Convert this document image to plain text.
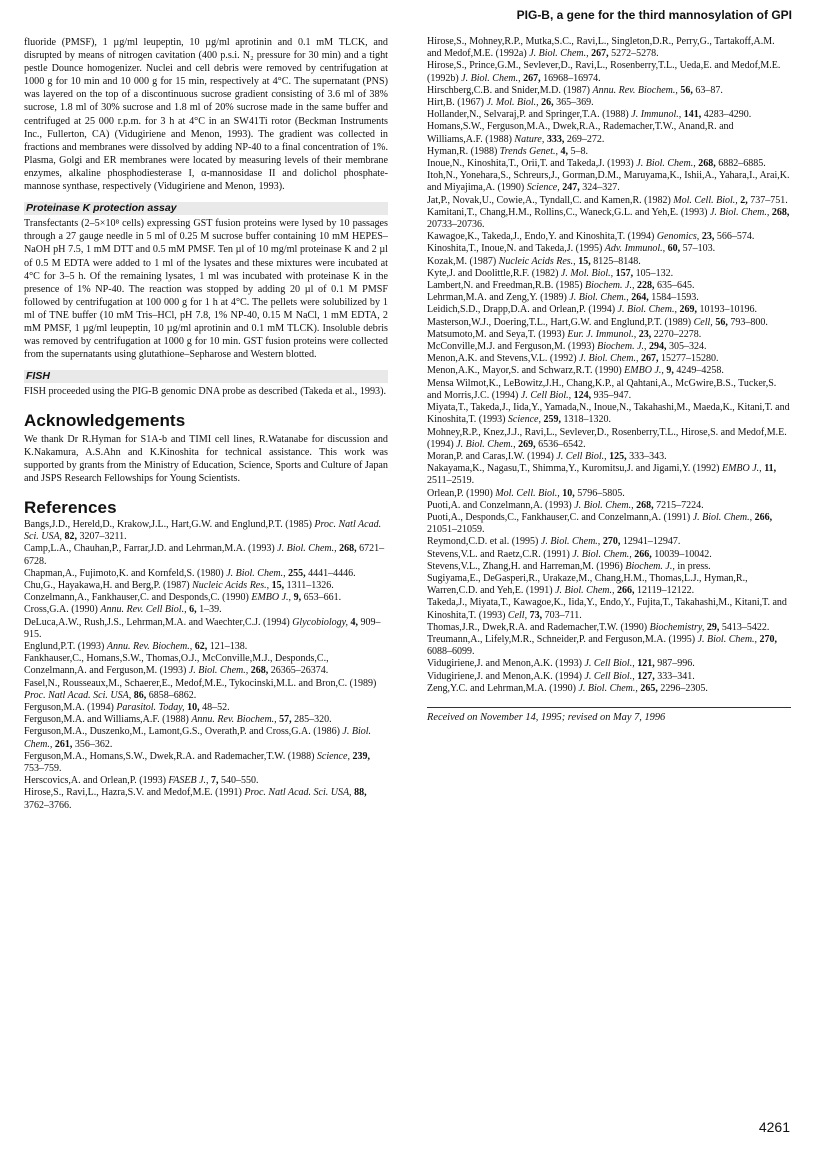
PIG-B, a gene for the third mannosylation of GPI

fluoride (PMSF), 1 µg/ml leupeptin, 10 µg/ml aprotinin and 0.1 mM TLCK, and disrupted by means of nitrogen cavitation (400 p.s.i. N₂ pressure for 30 min) and a tight pestle Dounce homogenizer. Nuclei and cell debris were removed by centrifugation at 1000 g for 10 min and 10 000 g for 15 min, respectively at 4°C. The supernatant (PNS) was layered on the top of a discontinuous sucrose gradient consisting of 3.6 ml of 38% sucrose, 1.8 ml of 30% sucrose and 1.8 ml of 20% sucrose made in the same buffer and centrifuged at 25 000 r.p.m. for 3 h at 4°C in an SW41Ti rotor (Beckman Instruments Inc., Fullerton, CA) (Vidugiriene and Menon, 1993). The gradient was collected in fractions and membranes were dissolved by adding NP-40 to a final concentration of 1%. Plasma, Golgi and ER membranes were located by measuring levels of their membrane enzymes, alkaline phosphodiesterase I, α-mannosidase II and dolichol phosphate-mannose synthase, respectively (Vidugiriene and Menon, 1993).

Proteinase K protection assay

Transfectants (2–5×10⁸ cells) expressing GST fusion proteins were lysed by 10 passages through a 27 gauge needle in 5 ml of 0.25 M sucrose buffer containing 10 mM HEPES–NaOH pH 7.5, 1 mM DTT and 0.5 mM PMSF. Ten µl of 10 mg/ml proteinase K and 2 µl of 0.5 M EDTA were added to 1 ml of the lysates and these mixtures were incubated at 4°C for 3–5 h. Of the remaining lysates, 1 ml was incubated with proteinase K in the presence of 1% NP-40. The reaction was stopped by adding 20 µl of 0.1 M PMSF followed by centrifugation at 100 000 g for 1 h at 4°C. The pellets were solubilized by 1 ml of TNE buffer (10 mM Tris–HCl, pH 7.8, 1% NP-40, 0.15 M NaCl, 1 mM EDTA, 2 mM PMSF, 1 µg/ml leupeptin, 10 µg/ml aprotinin and 0.1 mM TLCK). Insoluble debris was removed by centrifugation at 1000 g for 10 min. GST fusion proteins were collected from the supernatants using glutathione–Sepharose and Western blotted.

FISH

FISH proceeded using the PIG-B genomic DNA probe as described (Takeda et al., 1993).

Acknowledgements

We thank Dr R.Hyman for S1A-b and TIMI cell lines, R.Watanabe for discussion and K.Nakamura, A.S.Ahn and K.Kinoshita for technical assistance. This work was supported by grants from the Ministry of Education, Science, Sports and Culture of Japan and JSPS Research Fellowships for Young Scientists.

References

Bangs,J.D., Hereld,D., Krakow,J.L., Hart,G.W. and Englund,P.T. (1985) Proc. Natl Acad. Sci. USA, 82, 3207–3211.

Camp,L.A., Chauhan,P., Farrar,J.D. and Lehrman,M.A. (1993) J. Biol. Chem., 268, 6721–6728.

Chapman,A., Fujimoto,K. and Kornfeld,S. (1980) J. Biol. Chem., 255, 4441–4446.

Chu,G., Hayakawa,H. and Berg,P. (1987) Nucleic Acids Res., 15, 1311–1326.

Conzelmann,A., Fankhauser,C. and Desponds,C. (1990) EMBO J., 9, 653–661.

Cross,G.A. (1990) Annu. Rev. Cell Biol., 6, 1–39.

DeLuca,A.W., Rush,J.S., Lehrman,M.A. and Waechter,C.J. (1994) Glycobiology, 4, 909–915.

Englund,P.T. (1993) Annu. Rev. Biochem., 62, 121–138.

Fankhauser,C., Homans,S.W., Thomas,O.J., McConville,M.J., Desponds,C., Conzelmann,A. and Ferguson,M. (1993) J. Biol. Chem., 268, 26365–26374.

Fasel,N., Rousseaux,M., Schaerer,E., Medof,M.E., Tykocinski,M.L. and Bron,C. (1989) Proc. Natl Acad. Sci. USA, 86, 6858–6862.

Ferguson,M.A. (1994) Parasitol. Today, 10, 48–52.

Ferguson,M.A. and Williams,A.F. (1988) Annu. Rev. Biochem., 57, 285–320.

Ferguson,M.A., Duszenko,M., Lamont,G.S., Overath,P. and Cross,G.A. (1986) J. Biol. Chem., 261, 356–362.

Ferguson,M.A., Homans,S.W., Dwek,R.A. and Rademacher,T.W. (1988) Science, 239, 753–759.

Herscovics,A. and Orlean,P. (1993) FASEB J., 7, 540–550.

Hirose,S., Ravi,L., Hazra,S.V. and Medof,M.E. (1991) Proc. Natl Acad. Sci. USA, 88, 3762–3766.

Hirose,S., Mohney,R.P., Mutka,S.C., Ravi,L., Singleton,D.R., Perry,G., Tartakoff,A.M. and Medof,M.E. (1992a) J. Biol. Chem., 267, 5272–5278.

Hirose,S., Prince,G.M., Sevlever,D., Ravi,L., Rosenberry,T.L., Ueda,E. and Medof,M.E. (1992b) J. Biol. Chem., 267, 16968–16974.

Hirschberg,C.B. and Snider,M.D. (1987) Annu. Rev. Biochem., 56, 63–87.

Hirt,B. (1967) J. Mol. Biol., 26, 365–369.

Hollander,N., Selvaraj,P. and Springer,T.A. (1988) J. Immunol., 141, 4283–4290.

Homans,S.W., Ferguson,M.A., Dwek,R.A., Rademacher,T.W., Anand,R. and Williams,A.F. (1988) Nature, 333, 269–272.

Hyman,R. (1988) Trends Genet., 4, 5–8.

Inoue,N., Kinoshita,T., Orii,T. and Takeda,J. (1993) J. Biol. Chem., 268, 6882–6885.

Itoh,N., Yonehara,S., Schreurs,J., Gorman,D.M., Maruyama,K., Ishii,A., Yahara,I., Arai,K. and Miyajima,A. (1990) Science, 247, 324–327.

Jat,P., Novak,U., Cowie,A., Tyndall,C. and Kamen,R. (1982) Mol. Cell. Biol., 2, 737–751.

Kamitani,T., Chang,H.M., Rollins,C., Waneck,G.L. and Yeh,E. (1993) J. Biol. Chem., 268, 20733–20736.

Kawagoe,K., Takeda,J., Endo,Y. and Kinoshita,T. (1994) Genomics, 23, 566–574.

Kinoshita,T., Inoue,N. and Takeda,J. (1995) Adv. Immunol., 60, 57–103.

Kozak,M. (1987) Nucleic Acids Res., 15, 8125–8148.

Kyte,J. and Doolittle,R.F. (1982) J. Mol. Biol., 157, 105–132.

Lambert,N. and Freedman,R.B. (1985) Biochem. J., 228, 635–645.

Lehrman,M.A. and Zeng,Y. (1989) J. Biol. Chem., 264, 1584–1593.

Leidich,S.D., Drapp,D.A. and Orlean,P. (1994) J. Biol. Chem., 269, 10193–10196.

Masterson,W.J., Doering,T.L., Hart,G.W. and Englund,P.T. (1989) Cell, 56, 793–800.

Matsumoto,M. and Seya,T. (1993) Eur. J. Immunol., 23, 2270–2278.

McConville,M.J. and Ferguson,M. (1993) Biochem. J., 294, 305–324.

Menon,A.K. and Stevens,V.L. (1992) J. Biol. Chem., 267, 15277–15280.

Menon,A.K., Mayor,S. and Schwarz,R.T. (1990) EMBO J., 9, 4249–4258.

Mensa Wilmot,K., LeBowitz,J.H., Chang,K.P., al Qahtani,A., McGwire,B.S., Tucker,S. and Morris,J.C. (1994) J. Cell Biol., 124, 935–947.

Miyata,T., Takeda,J., Iida,Y., Yamada,N., Inoue,N., Takahashi,M., Maeda,K., Kitani,T. and Kinoshita,T. (1993) Science, 259, 1318–1320.

Mohney,R.P., Knez,J.J., Ravi,L., Sevlever,D., Rosenberry,T.L., Hirose,S. and Medof,M.E. (1994) J. Biol. Chem., 269, 6536–6542.

Moran,P. and Caras,I.W. (1994) J. Cell Biol., 125, 333–343.

Nakayama,K., Nagasu,T., Shimma,Y., Kuromitsu,J. and Jigami,Y. (1992) EMBO J., 11, 2511–2519.

Orlean,P. (1990) Mol. Cell. Biol., 10, 5796–5805.

Puoti,A. and Conzelmann,A. (1993) J. Biol. Chem., 268, 7215–7224.

Puoti,A., Desponds,C., Fankhauser,C. and Conzelmann,A. (1991) J. Biol. Chem., 266, 21051–21059.

Reymond,C.D. et al. (1995) J. Biol. Chem., 270, 12941–12947.

Stevens,V.L. and Raetz,C.R. (1991) J. Biol. Chem., 266, 10039–10042.

Stevens,V.L., Zhang,H. and Harreman,M. (1996) Biochem. J., in press.

Sugiyama,E., DeGasperi,R., Urakaze,M., Chang,H.M., Thomas,L.J., Hyman,R., Warren,C.D. and Yeh,E. (1991) J. Biol. Chem., 266, 12119–12122.

Takeda,J., Miyata,T., Kawagoe,K., Iida,Y., Endo,Y., Fujita,T., Takahashi,M., Kitani,T. and Kinoshita,T. (1993) Cell, 73, 703–711.

Thomas,J.R., Dwek,R.A. and Rademacher,T.W. (1990) Biochemistry, 29, 5413–5422.

Treumann,A., Lifely,M.R., Schneider,P. and Ferguson,M.A. (1995) J. Biol. Chem., 270, 6088–6099.

Vidugiriene,J. and Menon,A.K. (1993) J. Cell Biol., 121, 987–996.

Vidugiriene,J. and Menon,A.K. (1994) J. Cell Biol., 127, 333–341.

Zeng,Y.C. and Lehrman,M.A. (1990) J. Biol. Chem., 265, 2296–2305.

Received on November 14, 1995; revised on May 7, 1996

4261
